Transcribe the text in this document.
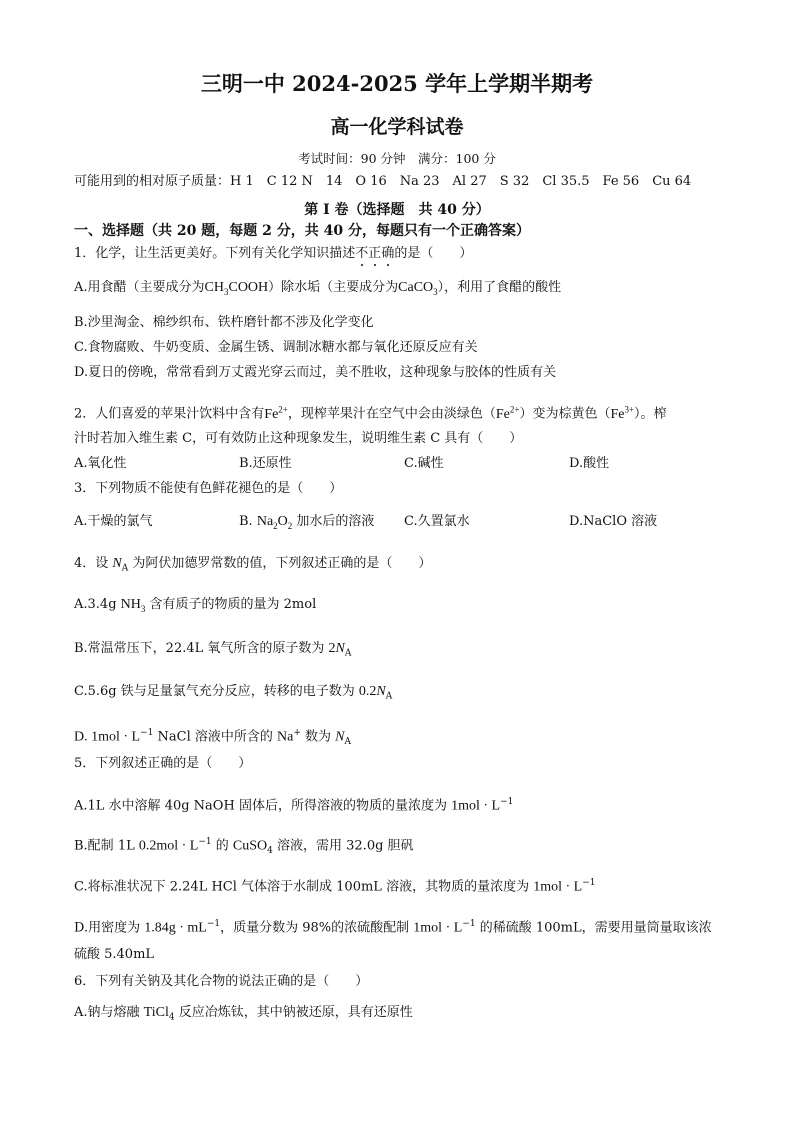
三明一中 2024-2025 学年上学期半期考
高一化学科试卷
考试时间：90 分钟　满分：100 分
可能用到的相对原子质量：H 1　C 12 N　14　O 16　Na 23　Al 27　S 32　Cl 35.5　Fe 56　Cu 64
第 I 卷（选择题　共 40 分）
一、选择题（共 20 题，每题 2 分，共 40 分，每题只有一个正确答案）
1．化学，让生活更美好。下列有关化学知识描述不正确的是（　　）
A.用食醋（主要成分为$CH_3COOH$）除水垢（主要成分为CaCO$_3$），利用了食醋的酸性
B.沙里淘金、棉纱织布、铁杵磨针都不涉及化学变化
C.食物腐败、牛奶变质、金属生锈、调制冰糖水都与氧化还原反应有关
D.夏日的傍晚，常常看到万丈霞光穿云而过，美不胜收，这种现象与胶体的性质有关
2．人们喜爱的苹果汁饮料中含有$Fe^{2+}$，现榨苹果汁在空气中会由淡绿色$(Fe^{2+})$变为棕黄色$(Fe^{3+})$。榨
汁时若加入维生素 C，可有效防止这种现象发生，说明维生素 C 具有（　　）
A.氧化性	B.还原性	C.碱性	D.酸性
3．下列物质不能使有色鲜花褪色的是（　　）
A.干燥的氯气	B. $Na_2O_2$ 加水后的溶液	C.久置氯水	D.NaClO 溶液
4．设 $N_A$ 为阿伏加德罗常数的值，下列叙述正确的是（　　）
A.3.4g $NH_3$ 含有质子的物质的量为 2mol
B.常温常压下，22.4L 氧气所含的原子数为 $2N_A$
C.5.6g 铁与足量氯气充分反应，转移的电子数为 $0.2N_A$
D. $1mol \cdot L^{-1}$ NaCl 溶液中所含的 Na+ 数为 $N_A$
5．下列叙述正确的是（　　）
A.1L 水中溶解 40g NaOH 固体后，所得溶液的物质的量浓度为 $1mol \cdot L^{-1}$
B.配制 1L $0.2mol \cdot L^{-1}$ 的 CuSO$_4$ 溶液，需用 32.0g 胆矾
C.将标准状况下 2.24L HCl 气体溶于水制成 100mL 溶液，其物质的量浓度为 $1mol \cdot L^{-1}$
D.用密度为 $1.84g \cdot mL^{-1}$，质量分数为 98%的浓硫酸配制 $1mol \cdot L^{-1}$ 的稀硫酸 100mL，需要用量筒量取该浓
硫酸 5.40mL
6．下列有关钠及其化合物的说法正确的是（　　）
A.钠与熔融 TiCl$_4$ 反应冶炼钛，其中钠被还原，具有还原性
